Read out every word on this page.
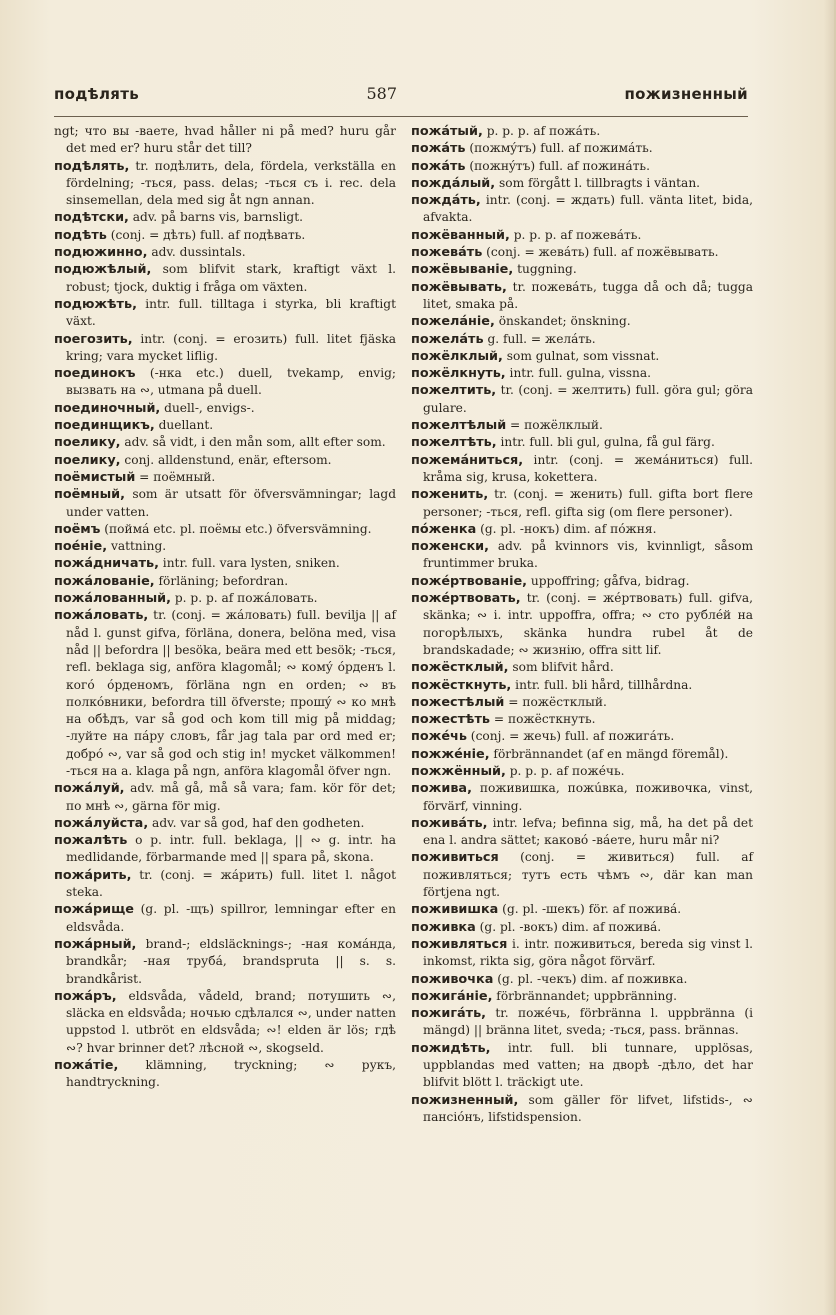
подѣлять	587	пожизненный

ngt; что вы -ваете, hvad håller ni på med? huru går det med er? huru står det till?

подѣлять, tr. подѣлить, dela, fördela, verkställa en fördelning; -ться, pass. delas; -ться съ i. rec. dela sinsemellan, dela med sig åt ngn annan.

подѣтски, adv. på barns vis, barnsligt.

подѣть (conj. = дѣть) full. af подѣвать.

подюжинно, adv. dussintals.

подюжѣлый, som blifvit stark, kraftigt växt l. robust; tjock, duktig i fråga om växten.

подюжѣть, intr. full. tilltaga i styrka, bli kraftigt växt.

поегозить, intr. (conj. = егозить) full. litet fjäska kring; vara mycket liflig.

поединокъ (-нка etc.) duell, tvekamp, envig; вызвать на ∾, utmana på duell.

поединочный, duell-, envigs-.

поединщикъ, duellant.

поелику, adv. så vidt, i den mån som, allt efter som.

поелику, conj. alldenstund, enär, eftersom.

поёмистый = поёмный.

поёмный, som är utsatt för öfversvämningar; lagd under vatten.

поёмъ (поймá etc. pl. поёмы etc.) öfversvämning.

поéніе, vattning.

пожáдничать, intr. full. vara lysten, sniken.

пожáлованіе, förläning; befordran.

пожáлованный, p. p. p. af пожáловать.

пожáловать, tr. (conj. = жáловать) full. bevilja || af nåd l. gunst gifva, förläna, donera, belöna med, visa nåd || befordra || besöka, beära med ett besök; -ться, refl. beklaga sig, anföra klagomål; ∾ комý óрденъ l. когó óрденомъ, förläna ngn en orden; ∾ въ полкóвники, befordra till öfverste; прошý ∾ ко мнѣ на обѣдъ, var så god och kom till mig på middag; -луйте на пáру словъ, får jag tala par ord med er; добрó ∾, var så god och stig in! mycket välkommen! -ться на а. klaga på ngn, anföra klagomål öfver ngn.

пожáлуй, adv. må gå, må så vara; fam. kör för det; по мнѣ ∾, gärna för mig.

пожáлуйста, adv. var så god, haf den godheten.

пожалѣть о p. intr. full. beklaga, || ∾ g. intr. ha medlidande, förbarmande med || spara på, skona.

пожáрить, tr. (conj. = жáрить) full. litet l. något steka.

пожáрище (g. pl. -щъ) spillror, lemningar efter en eldsvåda.

пожáрный, brand-; eldsläcknings-; -ная комáнда, brandkår; -ная трубá, brandspruta || s. s. brandkårist.

пожáръ, eldsvåda, vådeld, brand; потушить ∾, släcka en eldsvåda; ночью сдѣлался ∾, under natten uppstod l. utbröt en eldsvåda; ∾! elden är lös; гдѣ ∾? hvar brinner det? лѣсной ∾, skogseld.

пожáтіе, klämning, tryckning; ∾ рукъ, handtryckning.

пожáтый, p. p. p. af пожáть.

пожáть (пожмýтъ) full. af пожимáть.

пожáть (пожнýтъ) full. af пожинáть.

пождáлый, som förgått l. tillbragts i väntan.

пождáть, intr. (conj. = ждать) full. vänta litet, bida, afvakta.

пожёванный, p. p. p. af пожевáть.

пожевáть (conj. = жевáть) full. af пожёвывать.

пожёвываніе, tuggning.

пожёвывать, tr. пожевáть, tugga då och då; tugga litet, smaka på.

пожелáніе, önskandet; önskning.

пожелáть g. full. = желáть.

пожёлклый, som gulnat, som vissnat.

пожёлкнуть, intr. full. gulna, vissna.

пожелтить, tr. (conj. = желтить) full. göra gul; göra gulare.

пожелтѣлый = пожёлклый.

пожелтѣть, intr. full. bli gul, gulna, få gul färg.

пожемáниться, intr. (conj. = жемáниться) full. kråma sig, krusa, kokettera.

поженить, tr. (conj. = женить) full. gifta bort flere personer; -ться, refl. gifta sig (om flere personer).

пóженка (g. pl. -нокъ) dim. af пóжня.

поженски, adv. på kvinnors vis, kvinnligt, såsom fruntimmer bruka.

пожéртвованіе, uppoffring; gåfva, bidrag.

пожéртвовать, tr. (conj. = жéртвовать) full. gifva, skänka; ∾ i. intr. uppoffra, offra; ∾ сто рублéй на погорѣлыхъ, skänka hundra rubel åt de brandskadade; ∾ жизнію, offra sitt lif.

пожёстклый, som blifvit hård.

пожёсткнуть, intr. full. bli hård, tillhårdna.

пожестѣлый = пожёстклый.

пожестѣть = пожёсткнуть.

пожéчь (conj. = жечь) full. af пожигáть.

пожжéніе, förbrännandet (af en mängd föremål).

пожжённый, p. p. p. af пожéчь.

пожива, поживишка, пожúвка, поживочка, vinst, förvärf, vinning.

поживáть, intr. lefva; befinna sig, må, ha det på det ena l. andra sättet; каковó -вáете, huru mår ni?

поживиться (conj. = живиться) full. af поживляться; тутъ есть чѣмъ ∾, där kan man förtjena ngt.

поживишка (g. pl. -шекъ) för. af поживá.

поживка (g. pl. -вокъ) dim. af поживá.

поживляться i. intr. поживиться, bereda sig vinst l. inkomst, rikta sig, göra något förvärf.

поживочка (g. pl. -чекъ) dim. af поживка.

пожигáніе, förbrännandet; uppbränning.

пожигáть, tr. пожéчь, förbränna l. uppbränna (i mängd) || bränna litet, sveda; -ться, pass. brännas.

пожидѣть, intr. full. bli tunnare, upplösas, uppblandas med vatten; на дворѣ -дѣло, det har blifvit blött l. träckigt ute.

пожизненный, som gäller för lifvet, lifstids-, ∾ пансіóнъ, lifstidspension.
